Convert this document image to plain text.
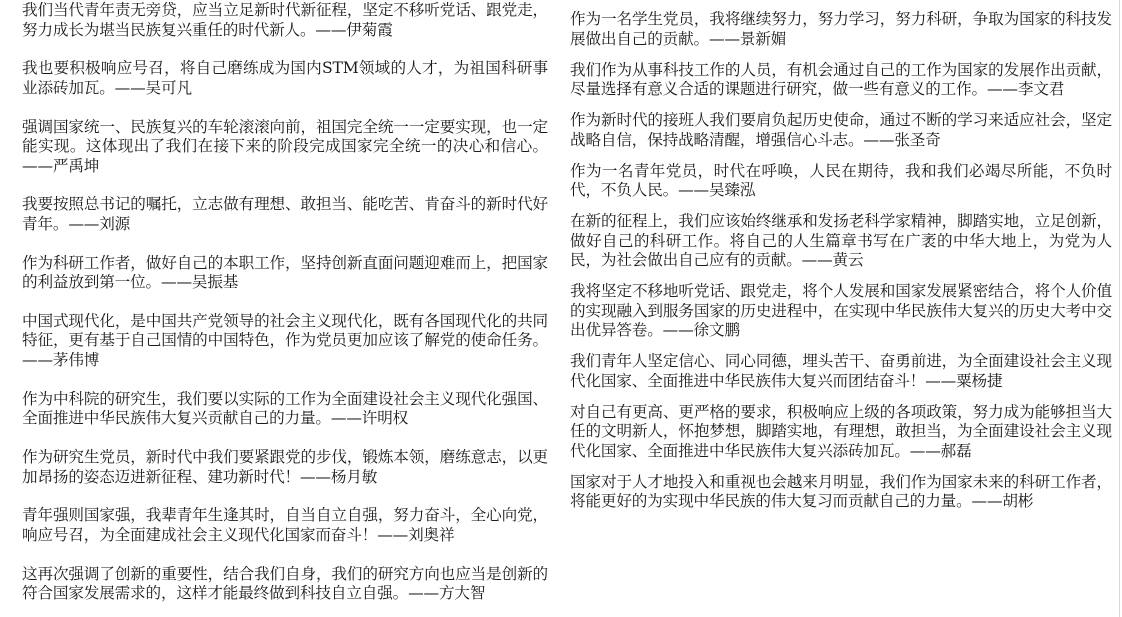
我们当代青年责无旁贷，应当立足新时代新征程，坚定不移听党话、跟党走，努力成长为堪当民族复兴重任的时代新人。——伊菊霞

我也要积极响应号召，将自己磨练成为国内STM领域的人才，为祖国科研事业添砖加瓦。——吴可凡

强调国家统一、民族复兴的车轮滚滚向前，祖国完全统一一定要实现，也一定能实现。这体现出了我们在接下来的阶段完成国家完全统一的决心和信心。——严禹坤

我要按照总书记的嘱托，立志做有理想、敢担当、能吃苦、肯奋斗的新时代好青年。——刘源

作为科研工作者，做好自己的本职工作，坚持创新直面问题迎难而上，把国家的利益放到第一位。——吴振基

中国式现代化，是中国共产党领导的社会主义现代化，既有各国现代化的共同特征，更有基于自己国情的中国特色，作为党员更加应该了解党的使命任务。——茅伟博

作为中科院的研究生，我们要以实际的工作为全面建设社会主义现代化强国、全面推进中华民族伟大复兴贡献自己的力量。——许明权

作为研究生党员，新时代中我们要紧跟党的步伐，锻炼本领，磨练意志，以更加昂扬的姿态迈进新征程、建功新时代！——杨月敏

青年强则国家强，我辈青年生逢其时，自当自立自强，努力奋斗，全心向党，响应号召，为全面建成社会主义现代化国家而奋斗！——刘奥祥

这再次强调了创新的重要性，结合我们自身，我们的研究方向也应当是创新的符合国家发展需求的，这样才能最终做到科技自立自强。——方大智

作为一名学生党员，我将继续努力，努力学习，努力科研，争取为国家的科技发展做出自己的贡献。——景新媚

我们作为从事科技工作的人员，有机会通过自己的工作为国家的发展作出贡献，尽量选择有意义合适的课题进行研究，做一些有意义的工作。——李文君

作为新时代的接班人我们要肩负起历史使命，通过不断的学习来适应社会，坚定战略自信，保持战略清醒，增强信心斗志。——张圣奇

作为一名青年党员，时代在呼唤，人民在期待，我和我们必竭尽所能，不负时代，不负人民。——吴臻泓

在新的征程上，我们应该始终继承和发扬老科学家精神，脚踏实地，立足创新，做好自己的科研工作。将自己的人生篇章书写在广袤的中华大地上，为党为人民，为社会做出自己应有的贡献。——黄云

我将坚定不移地听党话、跟党走，将个人发展和国家发展紧密结合，将个人价值的实现融入到服务国家的历史进程中，在实现中华民族伟大复兴的历史大考中交出优异答卷。——徐文鹏

我们青年人坚定信心、同心同德，埋头苦干、奋勇前进，为全面建设社会主义现代化国家、全面推进中华民族伟大复兴而团结奋斗！——粟杨捷

对自己有更高、更严格的要求，积极响应上级的各项政策，努力成为能够担当大任的文明新人，怀抱梦想，脚踏实地，有理想，敢担当，为全面建设社会主义现代化国家、全面推进中华民族伟大复兴添砖加瓦。——郝磊

国家对于人才地投入和重视也会越来月明显，我们作为国家未来的科研工作者，将能更好的为实现中华民族的伟大复习而贡献自己的力量。——胡彬
